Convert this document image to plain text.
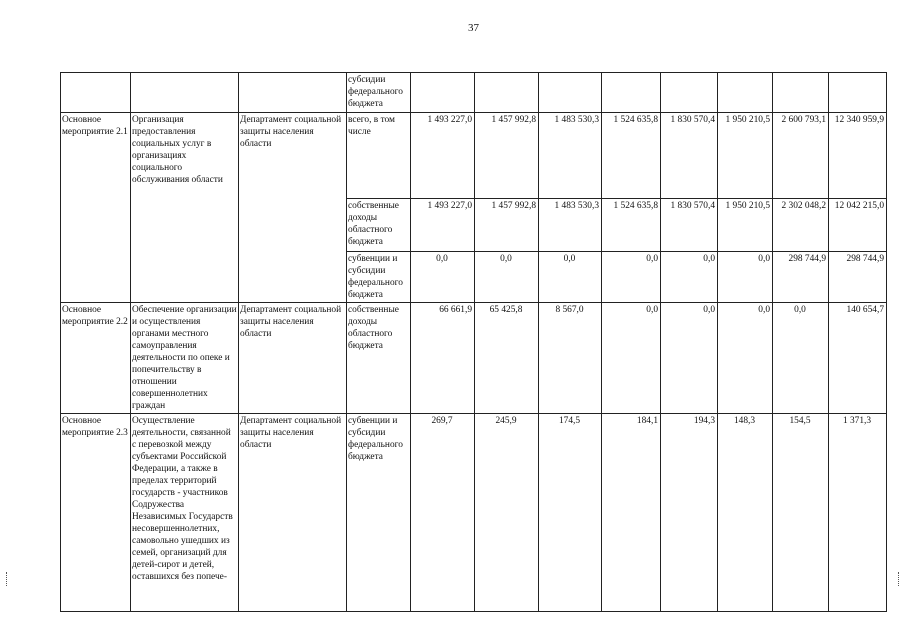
37
			субсидии федерального бюджета								
Основное мероприятие 2.1	Организация предоставления социальных услуг в организациях социального обслуживания области	Департамент социальной защиты населения области	всего, в том числе	1 493 227,0	1 457 992,8	1 483 530,3	1 524 635,8	1 830 570,4	1 950 210,5	2 600 793,1	12 340 959,9
			собственные доходы областного бюджета	1 493 227,0	1 457 992,8	1 483 530,3	1 524 635,8	1 830 570,4	1 950 210,5	2 302 048,2	12 042 215,0
			субвенции и субсидии федерального бюджета	0,0	0,0	0,0	0,0	0,0	0,0	298 744,9	298 744,9
Основное мероприятие 2.2	Обеспечение организации и осуществления органами местного самоуправления деятельности по опеке и попечительству в отношении совершеннолетних граждан	Департамент социальной защиты населения области	собственные доходы областного бюджета	66 661,9	65 425,8	8 567,0	0,0	0,0	0,0	0,0	140 654,7
Основное мероприятие 2.3	Осуществление деятельности, связанной с перевозкой между субъектами Российской Федерации, а также в пределах территорий государств - участников Содружества Независимых Государств несовершеннолетних, самовольно ушедших из семей, организаций для детей-сирот и детей, оставшихся без попече-	Департамент социальной защиты населения области	субвенции и субсидии федерального бюджета	269,7	245,9	174,5	184,1	194,3	148,3	154,5	1 371,3
